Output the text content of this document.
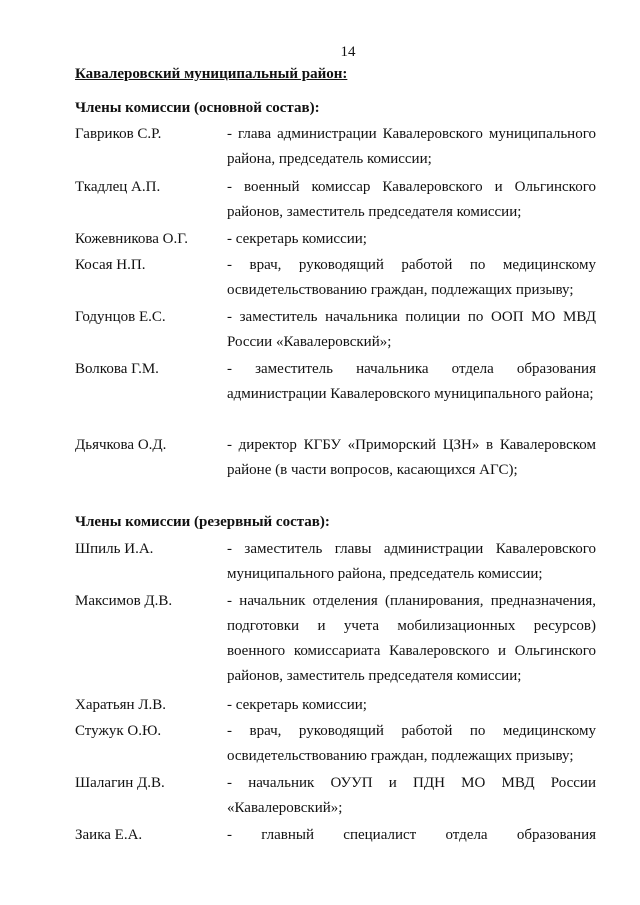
14
Кавалеровский муниципальный район:
Члены комиссии (основной состав):
Гавриков С.Р.	- глава администрации Кавалеровского муниципального района, председатель комиссии;
Ткадлец А.П.	- военный комиссар Кавалеровского и Ольгинского районов, заместитель председателя комиссии;
Кожевникова О.Г.	- секретарь комиссии;
Косая Н.П.	- врач, руководящий работой по медицинскому освидетельствованию граждан, подлежащих призыву;
Годунцов Е.С.	- заместитель начальника полиции по ООП МО МВД России «Кавалеровский»;
Волкова Г.М.	- заместитель начальника отдела образования администрации Кавалеровского муниципального района;
Дьячкова О.Д.	- директор КГБУ «Приморский ЦЗН» в Кавалеровском районе (в части вопросов, касающихся АГС);
Члены комиссии (резервный состав):
Шпиль И.А.	- заместитель главы администрации Кавалеровского муниципального района, председатель комиссии;
Максимов Д.В.	- начальник отделения (планирования, предназначения, подготовки и учета мобилизационных ресурсов) военного комиссариата Кавалеровского и Ольгинского районов, заместитель председателя комиссии;
Харатьян Л.В.	- секретарь комиссии;
Стужук О.Ю.	- врач, руководящий работой по медицинскому освидетельствованию граждан, подлежащих призыву;
Шалагин Д.В.	- начальник ОУУП и ПДН МО МВД России «Кавалеровский»;
Заика Е.А.	- главный специалист отдела образования
